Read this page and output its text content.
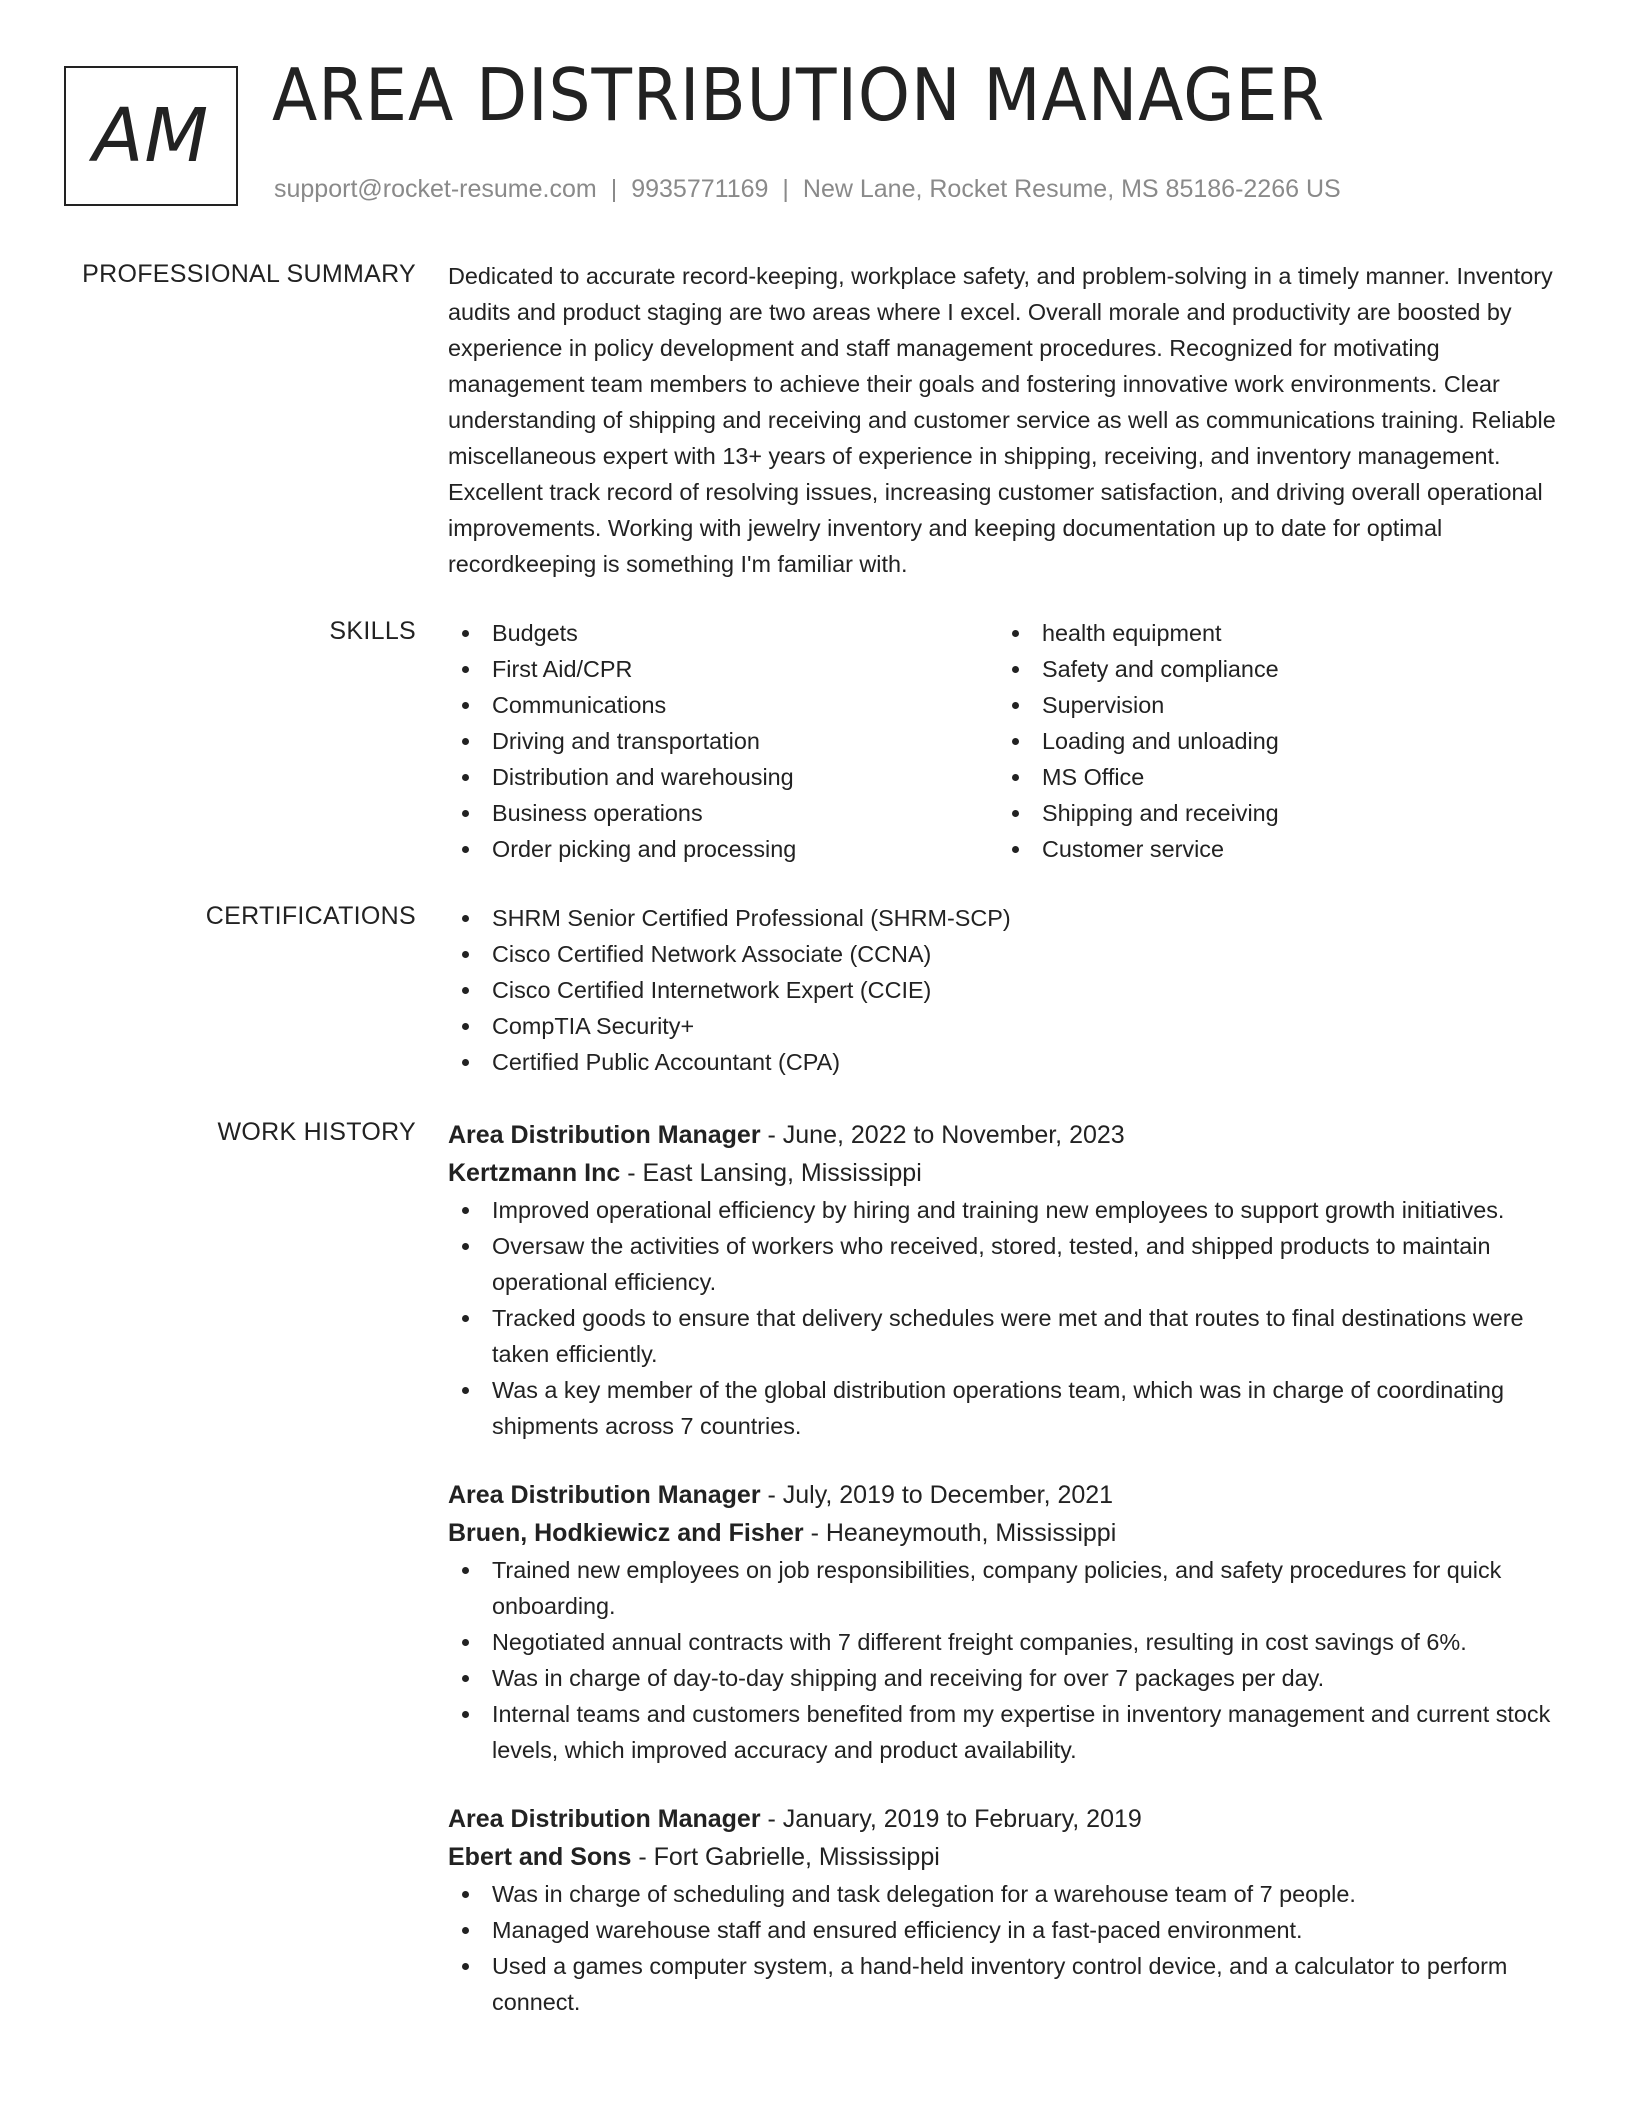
AM AREA DISTRIBUTION MANAGER
support@rocket-resume.com | 9935771169 | New Lane, Rocket Resume, MS 85186-2266 US
PROFESSIONAL SUMMARY Dedicated to accurate record-keeping, workplace safety, and problem-solving in a timely manner. Inventory audits and product staging are two areas where I excel. Overall morale and productivity are boosted by experience in policy development and staff management procedures. Recognized for motivating management team members to achieve their goals and fostering innovative work environments. Clear understanding of shipping and receiving and customer service as well as communications training. Reliable miscellaneous expert with 13+ years of experience in shipping, receiving, and inventory management. Excellent track record of resolving issues, increasing customer satisfaction, and driving overall operational improvements. Working with jewelry inventory and keeping documentation up to date for optimal recordkeeping is something I'm familiar with.

SKILLS	Budgets
First Aid/CPR
Communications
Driving and transportation
Distribution and warehousing
Business operations
Order picking and processing
health equipment
Safety and compliance
Supervision
Loading and unloading
MS Office
Shipping and receiving
Customer service
CERTIFICATIONS	SHRM Senior Certified Professional (SHRM-SCP)
Cisco Certified Network Associate (CCNA)
Cisco Certified Internetwork Expert (CCIE)
CompTIA Security+
Certified Public Accountant (CPA)
WORK HISTORY Area Distribution Manager - June, 2022 to November, 2023
Kertzmann Inc - East Lansing, Mississippi
Improved operational efficiency by hiring and training new employees to support growth initiatives.
Oversaw the activities of workers who received, stored, tested, and shipped products to maintain operational efficiency.
Tracked goods to ensure that delivery schedules were met and that routes to final destinations were taken efficiently.
Was a key member of the global distribution operations team, which was in charge of coordinating shipments across 7 countries.
Area Distribution Manager - July, 2019 to December, 2021
Bruen, Hodkiewicz and Fisher - Heaneymouth, Mississippi
Trained new employees on job responsibilities, company policies, and safety procedures for quick onboarding.
Negotiated annual contracts with 7 different freight companies, resulting in cost savings of 6%.
Was in charge of day-to-day shipping and receiving for over 7 packages per day.
Internal teams and customers benefited from my expertise in inventory management and current stock levels, which improved accuracy and product availability.
Area Distribution Manager - January, 2019 to February, 2019
Ebert and Sons - Fort Gabrielle, Mississippi
Was in charge of scheduling and task delegation for a warehouse team of 7 people.
Managed warehouse staff and ensured efficiency in a fast-paced environment.
Used a games computer system, a hand-held inventory control device, and a calculator to perform connect.
